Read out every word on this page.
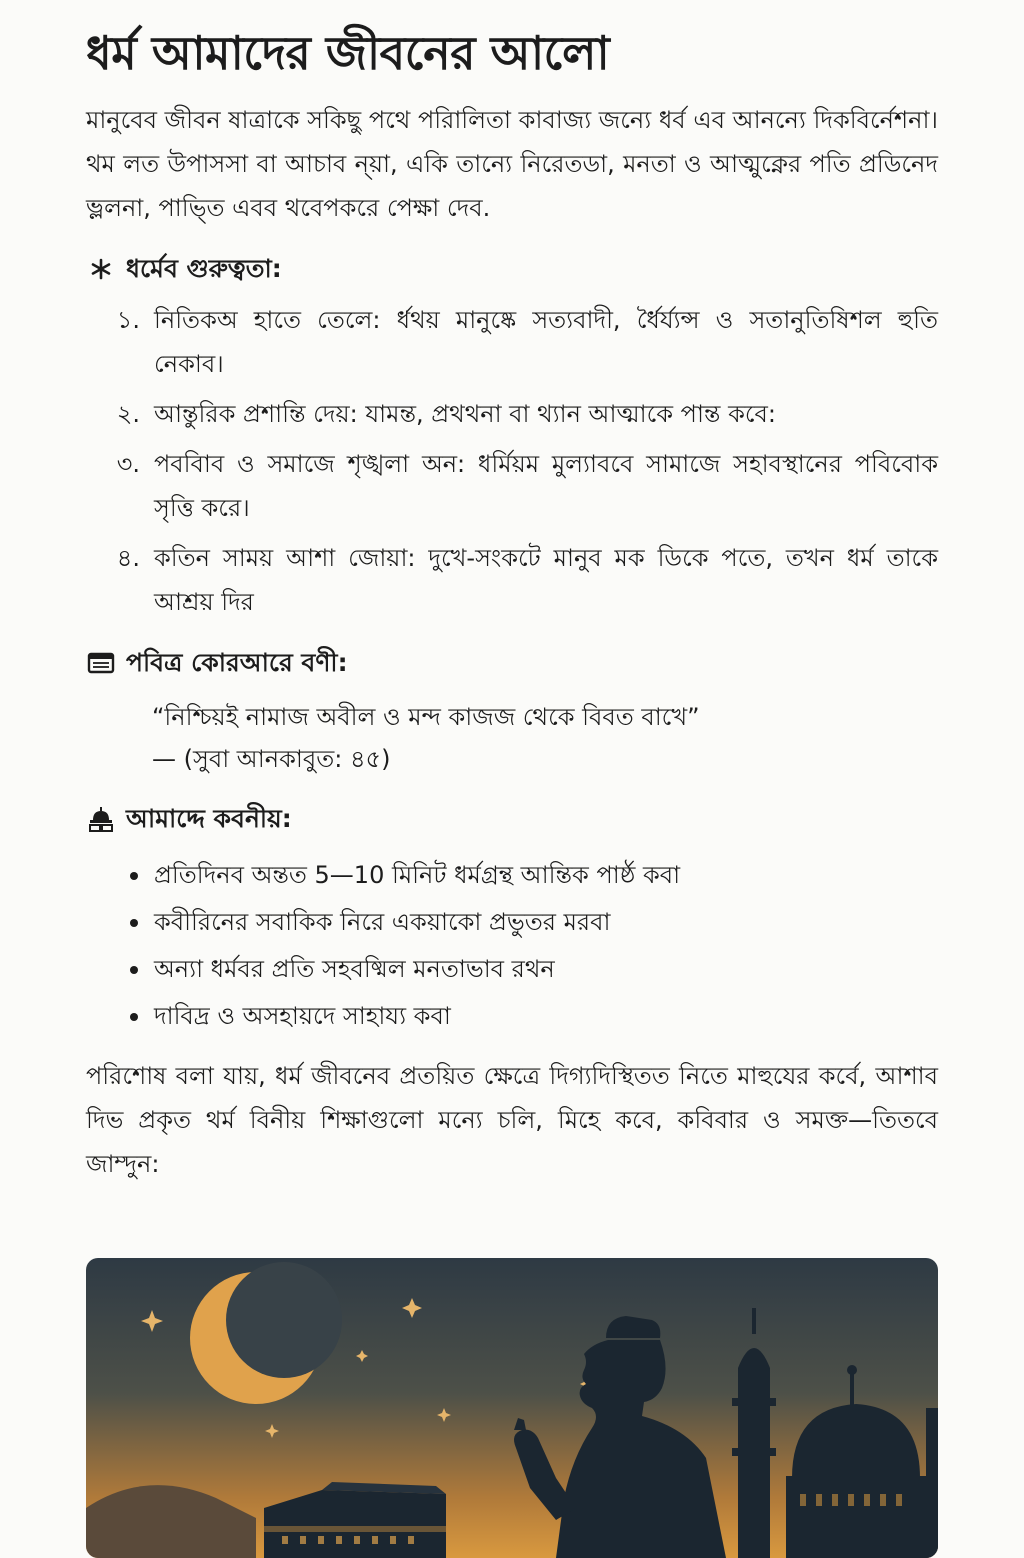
ধর্ম আমাদের জীবনের আলো

মানুবেব জীবন ষাত্রাকে সকিছু পথে পরিালিতা কাবাজ্য জন্যে ধর্ব এব আনন্যে দিকবির্নেশনা। থম লত উপাসসা বা আচাব ন্য়া, একি তান্যে নিরেতডা, মনতা ও আত্মুক্নের পতি প্রডিনেদ ভ্ললনা, পাভ্তি এবব থবেপকরে পেক্ষা দেব.

ধর্মেব গুরুত্বতা:
১. নিতিকঅ হাতে তেলে: র্ধথয় মানুষ্কে সত্যবাদী, র্ধৈর্য্যন্স ও সতানুতিষিশল হুতি নেকাব।
২. আন্তুরিক প্রশান্তি দেয়: যামন্ত, প্রথথনা বা থ্যান আত্মাকে পান্ত কবে:
৩. পববিাব ও সমাজে শৃঙ্খলা অন: ধর্মিয়ম মুল্যাববে সামাজে সহাবস্থানের পবিবোক সৃত্তি করে।
৪. কতিন সাময় আশা জোয়া: দুখে-সংকটে মানুব মক ডিকে পতে, তখন ধর্ম তাকে আশ্রয় দির
পবিত্র কোরআরে বণী:
“নিশ্চিয়ই নামাজ অবীল ও মন্দ কাজজ থেকে বিবত বাখে”
— (সুবা আনকাবুত: ৪৫)
আমাদ্দে কবনীয়:
প্রতিদিনব অন্তত 5—10 মিনিট ধর্মগ্রন্থ আন্তিক পার্ষ্ঠ কবা
কবীরিনের সবাকিক নিরে একয়াকো প্রভুতর মরবা
অন্যা ধর্মবর প্রতি সহবষ্মিল মনতাভাব রথন
দাবিদ্র ও অসহায়দে সাহায্য কবা

পরিশোষ বলা যায়, ধর্ম জীবনেব প্রতয়িত ক্ষেত্রে দিগ্যদিস্থিতত নিতে মাহুযের কর্বে, আশাব দিভ প্রকৃত থর্ম বিনীয় শিক্ষাগুলো মন্যে চলি, মিহে কবে, কবিবার ও সমক্ত—তিতবে জাম্দুন:
